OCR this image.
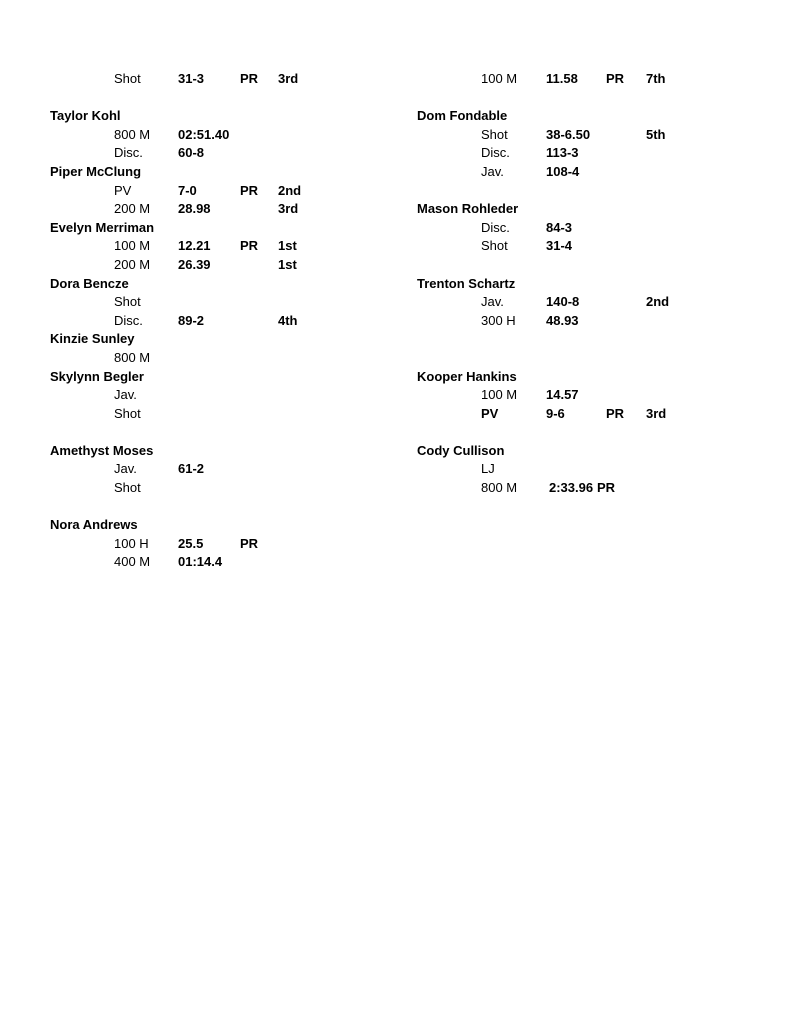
Shot	31-3	PR 3rd
Taylor Kohl
800 M 02:51.40
Disc.	60-8
Piper McClung
PV	7-0	PR 2nd
200 M 28.98	3rd
Evelyn Merriman
100 M 12.21 PR 1st
200 M 26.39	1st
Dora Bencze
Shot
Disc.	89-2	4th
Kinzie Sunley
800 M
Skylynn Begler
Jav.
Shot
Amethyst Moses
Jav.	61-2
Shot
Nora Andrews
100 H 25.5	PR
400 M 01:14.4
100 M 11.58 PR 7th
Dom Fondable
Shot	38-6.50	5th
Disc.	113-3
Jav.	108-4
Mason Rohleder
Disc.	84-3
Shot	31-4
Trenton Schartz
Jav.	140-8	2nd
300 H 48.93
Kooper Hankins
100 M 14.57
PV	9-6	PR 3rd
Cody Cullison
LJ
800 M 2:33.96 PR
